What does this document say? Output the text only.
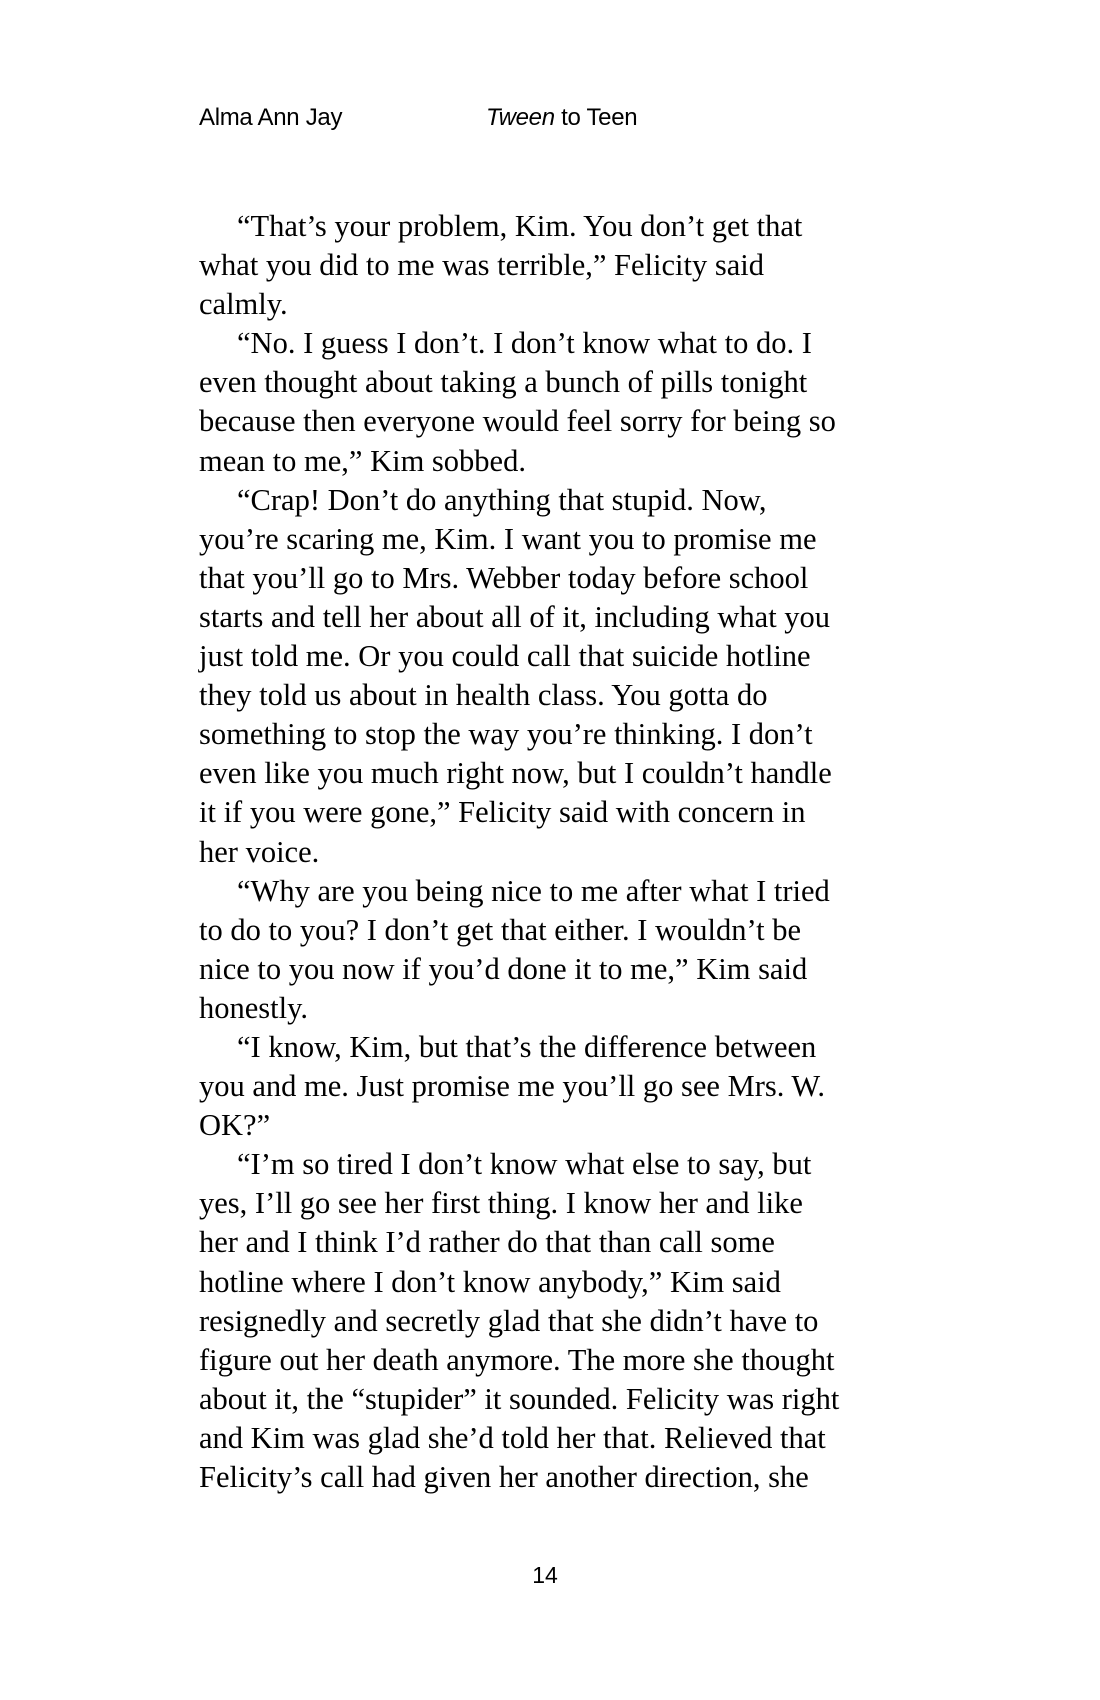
Alma Ann Jay	Tween to Teen
“That’s your problem, Kim. You don’t get that
what you did to me was terrible,” Felicity said
calmly.
“No. I guess I don’t. I don’t know what to do. I
even thought about taking a bunch of pills tonight
because then everyone would feel sorry for being so
mean to me,” Kim sobbed.
“Crap! Don’t do anything that stupid. Now,
you’re scaring me, Kim. I want you to promise me
that you’ll go to Mrs. Webber today before school
starts and tell her about all of it, including what you
just told me. Or you could call that suicide hotline
they told us about in health class. You gotta do
something to stop the way you’re thinking. I don’t
even like you much right now, but I couldn’t handle
it if you were gone,” Felicity said with concern in
her voice.
“Why are you being nice to me after what I tried
to do to you? I don’t get that either. I wouldn’t be
nice to you now if you’d done it to me,” Kim said
honestly.
“I know, Kim, but that’s the difference between
you and me. Just promise me you’ll go see Mrs. W.
OK?”
“I’m so tired I don’t know what else to say, but
yes, I’ll go see her first thing. I know her and like
her and I think I’d rather do that than call some
hotline where I don’t know anybody,” Kim said
resignedly and secretly glad that she didn’t have to
figure out her death anymore. The more she thought
about it, the “stupider” it sounded. Felicity was right
and Kim was glad she’d told her that. Relieved that
Felicity’s call had given her another direction, she
14
